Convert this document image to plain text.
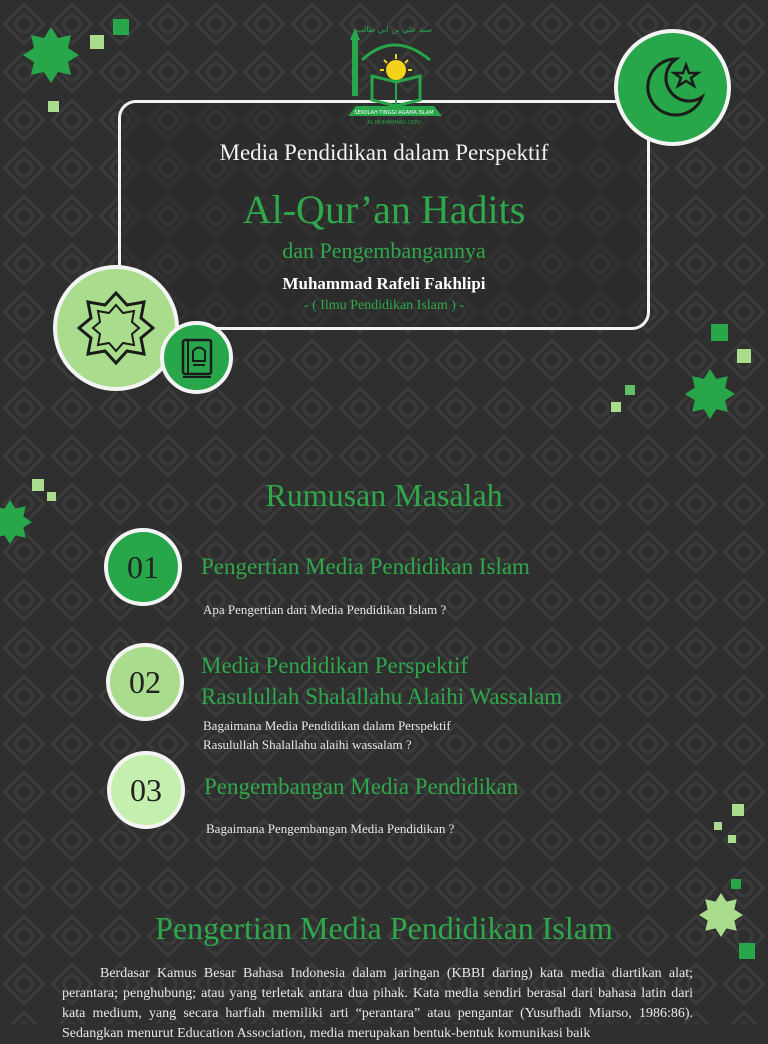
سيد علي بن ابي طالب
SEKOLAH TINGGI AGAMA ISLAM
AL MUHAMMAD CEPU
Media Pendidikan dalam Perspektif
Al-Qur’an Hadits
dan Pengembangannya
Muhammad Rafeli Fakhlipi
- ( Ilmu Pendidikan Islam ) -
Rumusan Masalah
01 Pengertian Media Pendidikan Islam
Apa Pengertian dari Media Pendidikan Islam ?
02 Media Pendidikan Perspektif
Rasulullah Shalallahu Alaihi Wassalam
Bagaimana Media Pendidikan dalam Perspektif
Rasulullah Shalallahu alaihi wassalam ?
03 Pengembangan Media Pendidikan
Bagaimana Pengembangan Media Pendidikan ?
Pengertian Media Pendidikan Islam
Berdasar Kamus Besar Bahasa Indonesia dalam jaringan (KBBI daring) kata media diartikan alat; perantara; penghubung; atau yang terletak antara dua pihak. Kata media sendiri berasal dari bahasa latin dari kata medium, yang secara harfiah memiliki arti “perantara” atau pengantar (Yusufhadi Miarso, 1986:86). Sedangkan menurut Education Association, media merupakan bentuk-bentuk komunikasi baik
